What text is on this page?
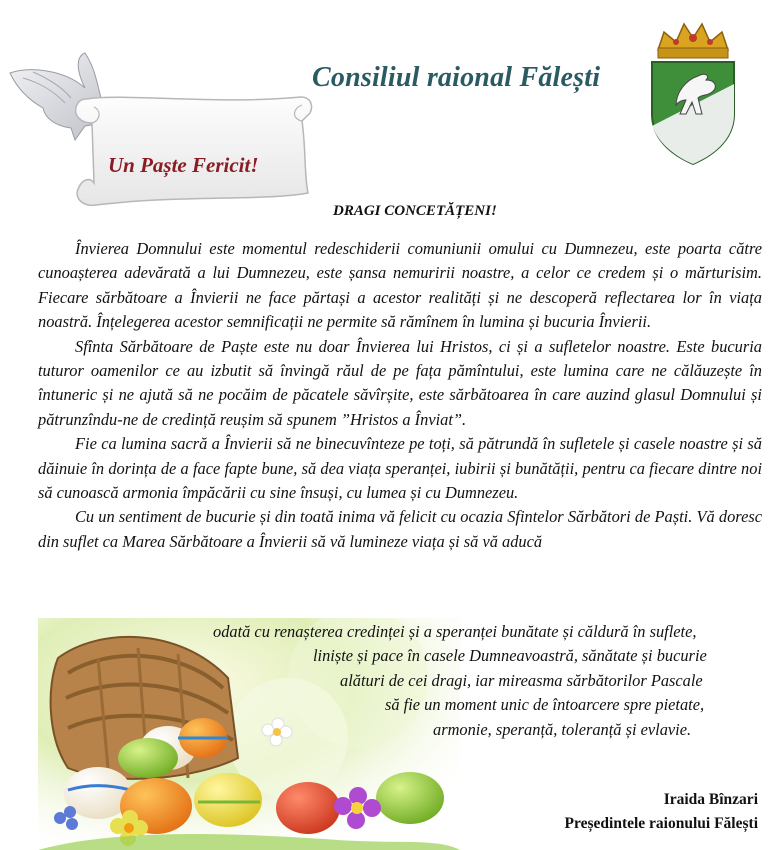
Un Paște Fericit!
Consiliul raional Fălești
DRAGI CONCETĂȚENI!

Învierea Domnului este momentul redeschiderii comuniunii omului cu Dumnezeu, este poarta către cunoașterea adevărată a lui Dumnezeu, este șansa nemuririi noastre, a celor ce credem și o mărturisim. Fiecare sărbătoare a Învierii ne face părtași a acestor realități și ne descoperă reflectarea lor în viața noastră. Înțelegerea acestor semnificații ne permite să rămînem în lumina și bucuria Învierii.

Sfînta Sărbătoare de Paște este nu doar Învierea lui Hristos, ci și a sufletelor noastre. Este bucuria tuturor oamenilor ce au izbutit să învingă răul de pe fața pămîntului, este lumina care ne călăuzește în întuneric și ne ajută să ne pocăim de păcatele săvîrșite, este sărbătoarea în care auzind glasul Domnului și pătrunzîndu-ne de credință reușim să spunem ”Hristos a Înviat”.

Fie ca lumina sacră a Învierii să ne binecuvînteze pe toți, să pătrundă în sufletele și casele noastre și să dăinuie în dorința de a face fapte bune, să dea viața speranței, iubirii și bunătății, pentru ca fiecare dintre noi să cunoască armonia împăcării cu sine însuși, cu lumea și cu Dumnezeu.

Cu un sentiment de bucurie și din toată inima vă felicit cu ocazia Sfintelor Sărbători de Paști. Vă doresc din suflet ca Marea Sărbătoare a Învierii să vă lumineze viața și să vă aducă

odată cu renașterea credinței și a speranței bunătate și căldură în suflete,
liniște și pace în casele Dumneavoastră, sănătate și bucurie
alături de cei dragi, iar mireasma sărbătorilor Pascale
să fie un moment unic de întoarcere spre pietate,
armonie, speranță, toleranță și evlavie.
Iraida Bînzari
Președintele raionului Fălești
